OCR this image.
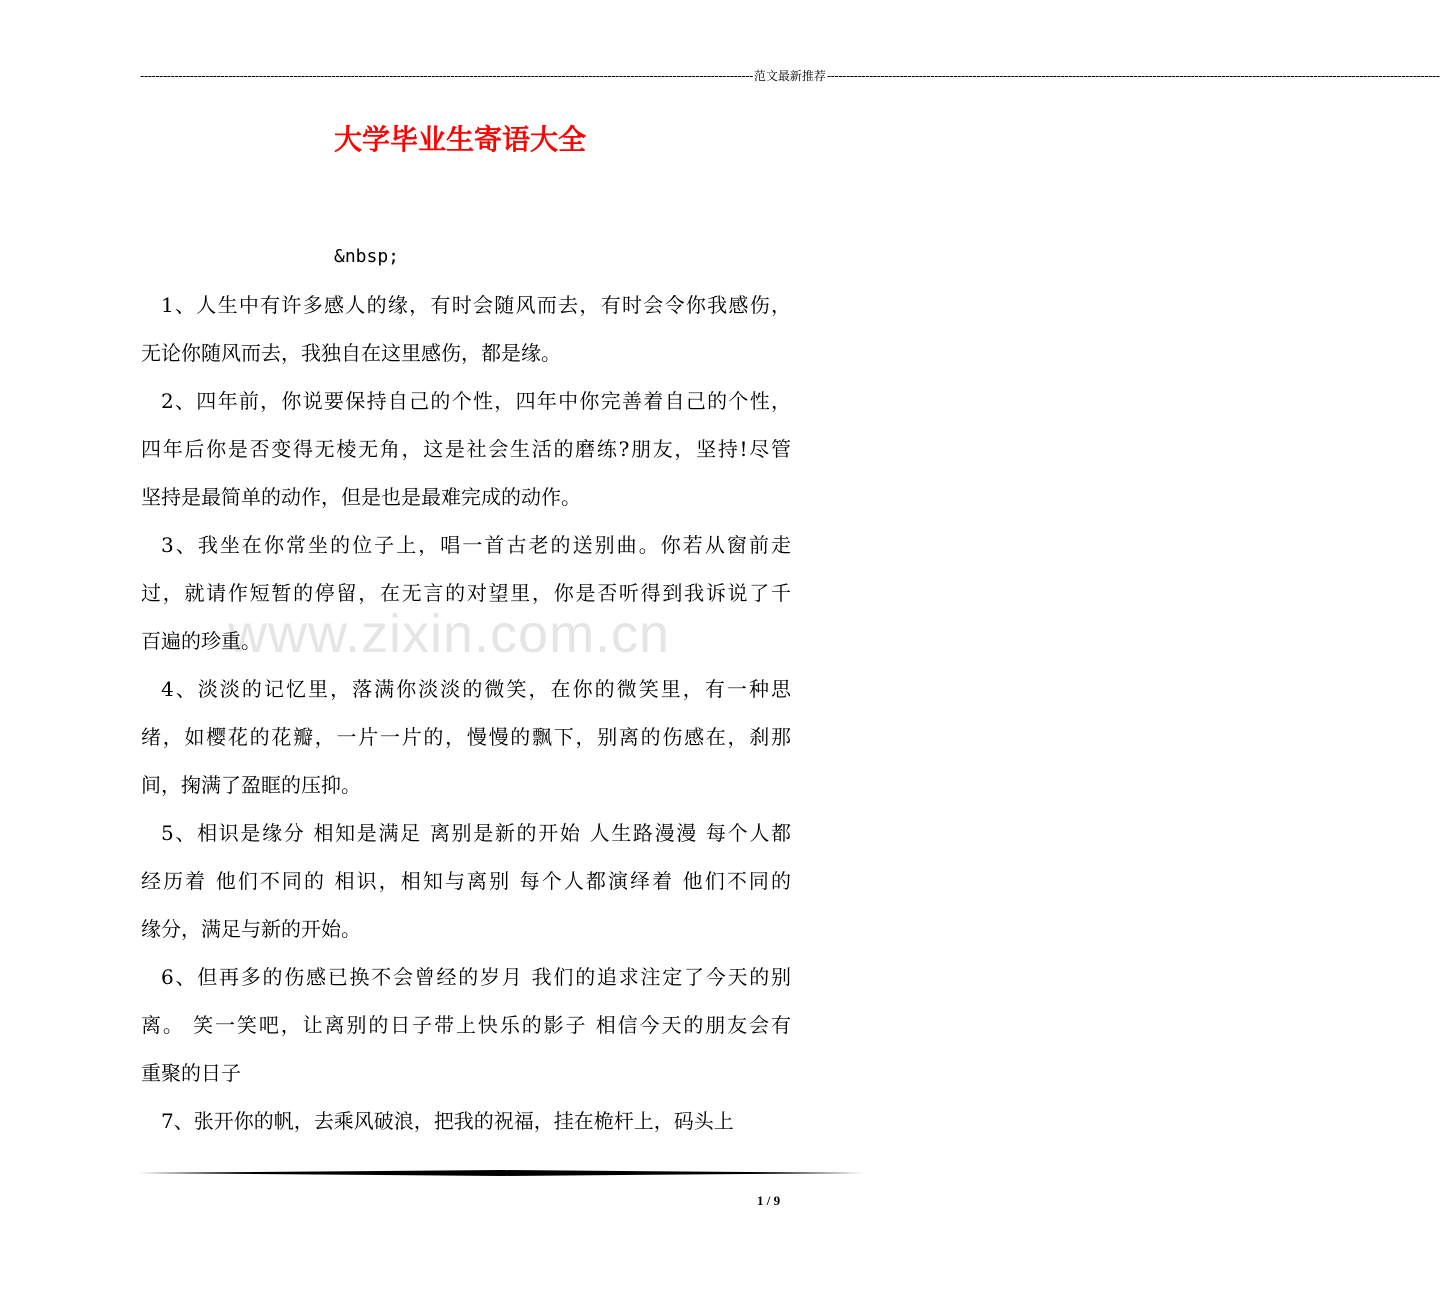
---------------------------------------------------------------------------------------------------------------------------------------------------------------- 范文最新推荐 ----------------------------------------------------------------------------------------------------------------------------------------------------------------
大学毕业生寄语大全
www.zixin.com.cn
&nbsp;
1、人生中有许多感人的缘，有时会随风而去，有时会令你我感伤，
无论你随风而去，我独自在这里感伤，都是缘。
2、四年前，你说要保持自己的个性，四年中你完善着自己的个性，
四年后你是否变得无棱无角，这是社会生活的磨练?朋友，坚持!尽管
坚持是最简单的动作，但是也是最难完成的动作。
3、我坐在你常坐的位子上，唱一首古老的送别曲。你若从窗前走
过，就请作短暂的停留，在无言的对望里，你是否听得到我诉说了千
百遍的珍重。
4、淡淡的记忆里，落满你淡淡的微笑，在你的微笑里，有一种思
绪，如樱花的花瓣，一片一片的，慢慢的飘下，别离的伤感在，刹那
间，掬满了盈眶的压抑。
5、相识是缘分 相知是满足 离别是新的开始 人生路漫漫 每个人都
经历着 他们不同的 相识，相知与离别 每个人都演绎着 他们不同的
缘分，满足与新的开始。
6、但再多的伤感已换不会曾经的岁月 我们的追求注定了今天的别
离。 笑一笑吧，让离别的日子带上快乐的影子 相信今天的朋友会有
重聚的日子
7、张开你的帆，去乘风破浪，把我的祝福，挂在桅杆上，码头上
1 / 9
